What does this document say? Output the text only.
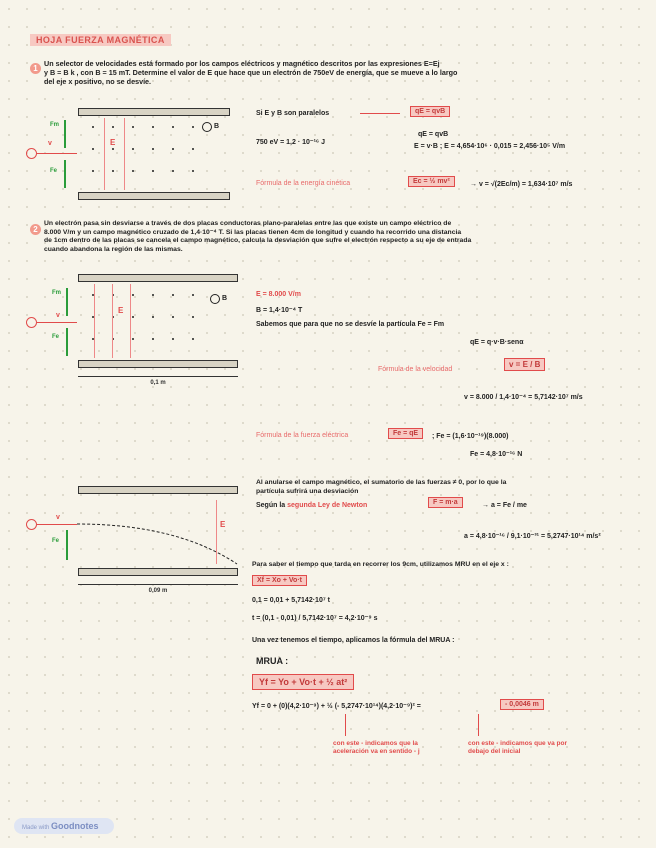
HOJA FUERZA MAGNÉTICA
1
Un selector de velocidades está formado por los campos eléctricos y magnético descritos por las expresiones E=Ej
y B = B k , con B = 15 mT. Determine el valor de E que hace que un electrón de 750eV de energía, que se mueve a lo largo
del eje x positivo, no se desvíe.
E
B
v
Fm
Fe
Si E y B son paralelos	qE = qvB
qE = qvB
750 eV = 1,2 · 10⁻¹⁶ J
E = v·B ; E = 4,654·10⁶ · 0,015 = 2,456·10⁵ V/m
Fórmula de la energía cinética	Ec = ½ mv²	→ v = √(2Ec/m) = 1,634·10⁷ m/s
2
Un electrón pasa sin desviarse a través de dos placas conductoras plano-paralelas entre las que existe un campo eléctrico de
8.000 V/m y un campo magnético cruzado de 1,4·10⁻⁴ T. Si las placas tienen 4cm de longitud y cuando ha recorrido una distancia
de 1cm dentro de las placas se cancela el campo magnético, calcula la desviación que sufre el electrón respecto a su eje de entrada
cuando abandona la región de las mismas.
E
B
v
Fm
Fe
0,1 m
E = 8.000 V/m
B = 1,4·10⁻⁴ T
Sabemos que para que no se desvíe la partícula Fe = Fm
qE = q·v·B·senα
Fórmula de la velocidad
v = E / B
v = 8.000 / 1,4·10⁻⁴ = 5,7142·10⁷ m/s
Fórmula de la fuerza eléctrica	Fe = qE	; Fe = (1,6·10⁻¹⁹)(8.000)
Fe = 4,8·10⁻¹⁶ N
v
Fe
E
0,09 m
Al anularse el campo magnético, el sumatorio de las fuerzas ≠ 0, por lo que la
partícula sufrirá una desviación
Según la segunda Ley de Newton	F = m·a	→ a = Fe / me
a = 4,8·10⁻¹⁶ / 9,1·10⁻³¹ = 5,2747·10¹⁴ m/s²
Para saber el tiempo que tarda en recorrer los 9cm, utilizamos MRU en el eje x :
Xf = Xo + Vo·t
0,1 = 0,01 + 5,7142·10⁷ t
t = (0,1 - 0,01) / 5,7142·10⁷ = 4,2·10⁻⁹ s
Una vez tenemos el tiempo, aplicamos la fórmula del MRUA :
MRUA :
Yf = Yo + Vo·t + ½ at²
Yf = 0 + (0)(4,2·10⁻⁹) + ½ (- 5,2747·10¹⁴)(4,2·10⁻⁹)² =	- 0,0046 m
con este - indicamos que la aceleración va en sentido - j
con este - indicamos que va por debajo del inicial
Made with Goodnotes
